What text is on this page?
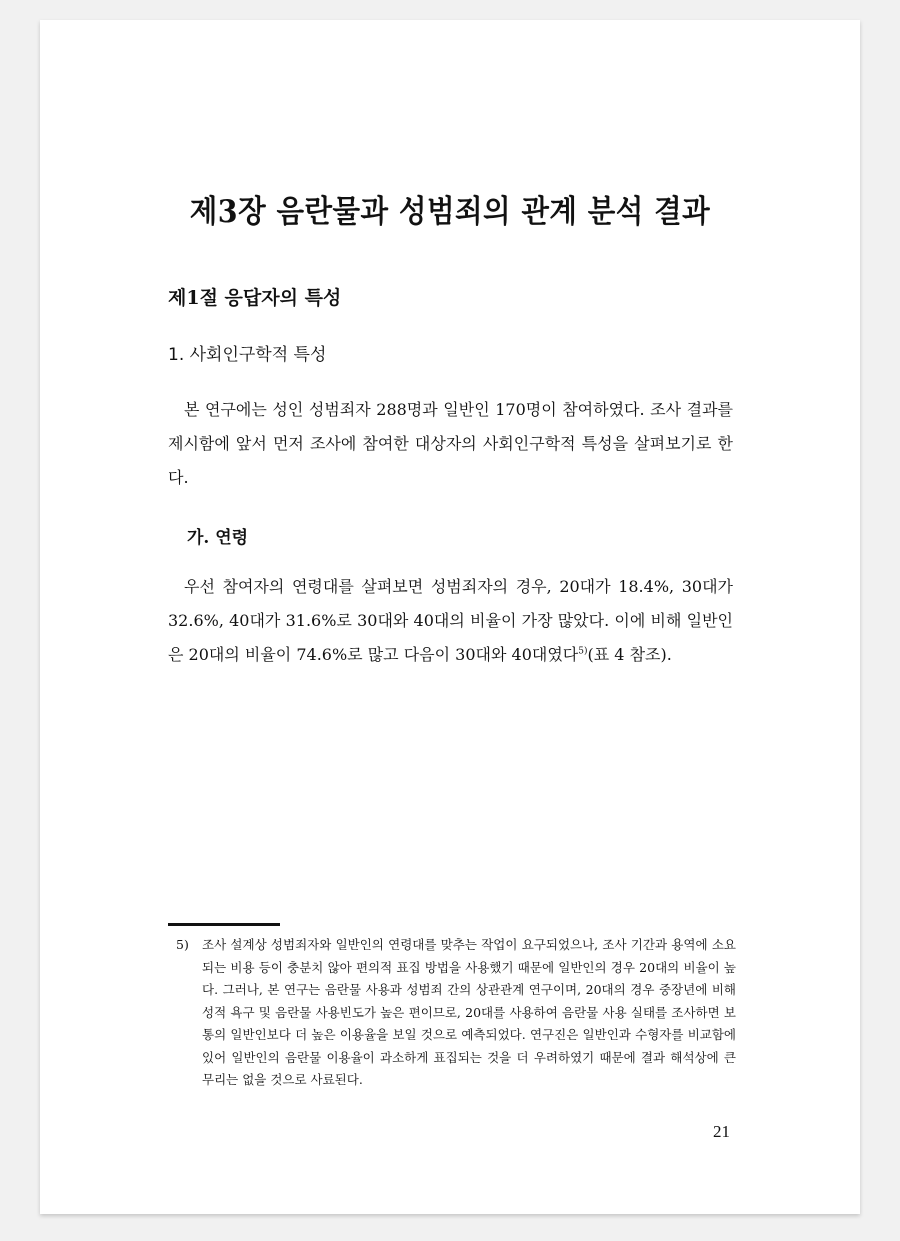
제3장 음란물과 성범죄의 관계 분석 결과
제1절 응답자의 특성
1. 사회인구학적 특성

본 연구에는 성인 성범죄자 288명과 일반인 170명이 참여하였다. 조사 결과를 제시함에 앞서 먼저 조사에 참여한 대상자의 사회인구학적 특성을 살펴보기로 한다.

가. 연령

우선 참여자의 연령대를 살펴보면 성범죄자의 경우, 20대가 18.4%, 30대가 32.6%, 40대가 31.6%로 30대와 40대의 비율이 가장 많았다. 이에 비해 일반인은 20대의 비율이 74.6%로 많고 다음이 30대와 40대였다$^{5)}$(표 4 참조).

5) 조사 설계상 성범죄자와 일반인의 연령대를 맞추는 작업이 요구되었으나, 조사 기간과 용역에 소요되는 비용 등이 충분치 않아 편의적 표집 방법을 사용했기 때문에 일반인의 경우 20대의 비율이 높다. 그러나, 본 연구는 음란물 사용과 성범죄 간의 상관관계 연구이며, 20대의 경우 중장년에 비해 성적 욕구 및 음란물 사용빈도가 높은 편이므로, 20대를 사용하여 음란물 사용 실태를 조사하면 보통의 일반인보다 더 높은 이용율을 보일 것으로 예측되었다. 연구진은 일반인과 수형자를 비교함에 있어 일반인의 음란물 이용율이 과소하게 표집되는 것을 더 우려하였기 때문에 결과 해석상에 큰 무리는 없을 것으로 사료된다.
21
